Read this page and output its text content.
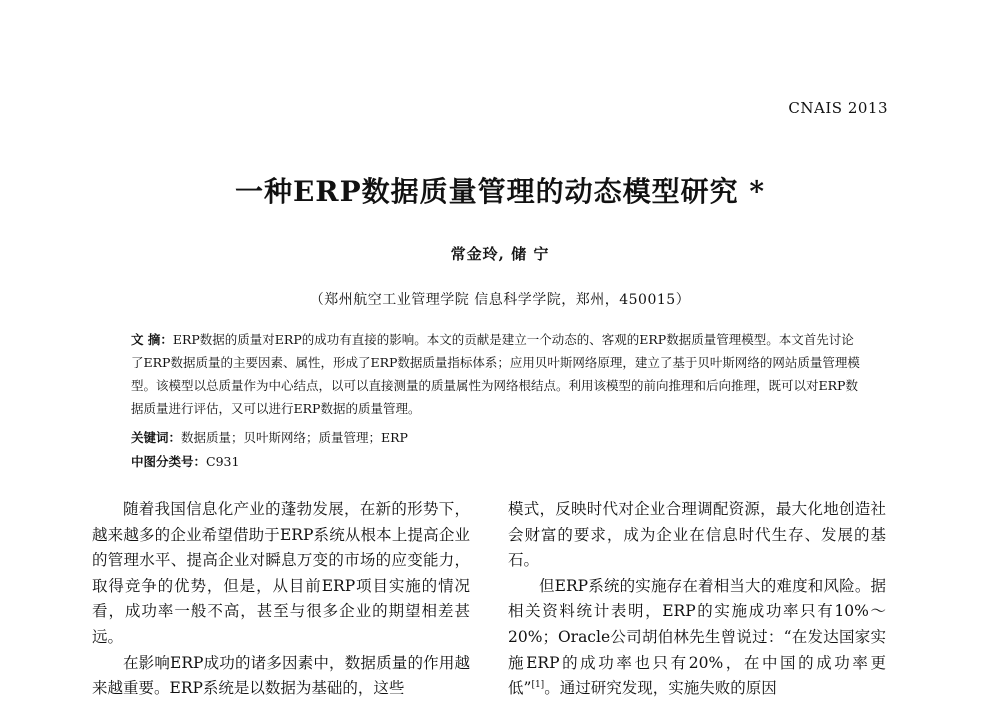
CNAIS 2013
一种ERP数据质量管理的动态模型研究 *
常金玲, 储 宁
（郑州航空工业管理学院 信息科学学院，郑州，450015）
文 摘：ERP数据的质量对ERP的成功有直接的影响。本文的贡献是建立一个动态的、客观的ERP数据质量管理模型。本文首先讨论了ERP数据质量的主要因素、属性，形成了ERP数据质量指标体系；应用贝叶斯网络原理，建立了基于贝叶斯网络的网站质量管理模型。该模型以总质量作为中心结点，以可以直接测量的质量属性为网络根结点。利用该模型的前向推理和后向推理，既可以对ERP数据质量进行评估，又可以进行ERP数据的质量管理。
关键词：数据质量；贝叶斯网络；质量管理；ERP
中图分类号：C931

随着我国信息化产业的蓬勃发展，在新的形势下，越来越多的企业希望借助于ERP系统从根本上提高企业的管理水平、提高企业对瞬息万变的市场的应变能力，取得竞争的优势，但是，从目前ERP项目实施的情况看，成功率一般不高，甚至与很多企业的期望相差甚远。

在影响ERP成功的诸多因素中，数据质量的作用越来越重要。ERP系统是以数据为基础的，这些

模式，反映时代对企业合理调配资源，最大化地创造社会财富的要求，成为企业在信息时代生存、发展的基石。

但ERP系统的实施存在着相当大的难度和风险。据相关资料统计表明，ERP的实施成功率只有10%～20%；Oracle公司胡伯林先生曾说过：“在发达国家实施ERP的成功率也只有20%，在中国的成功率更低”[1]。通过研究发现，实施失败的原因
